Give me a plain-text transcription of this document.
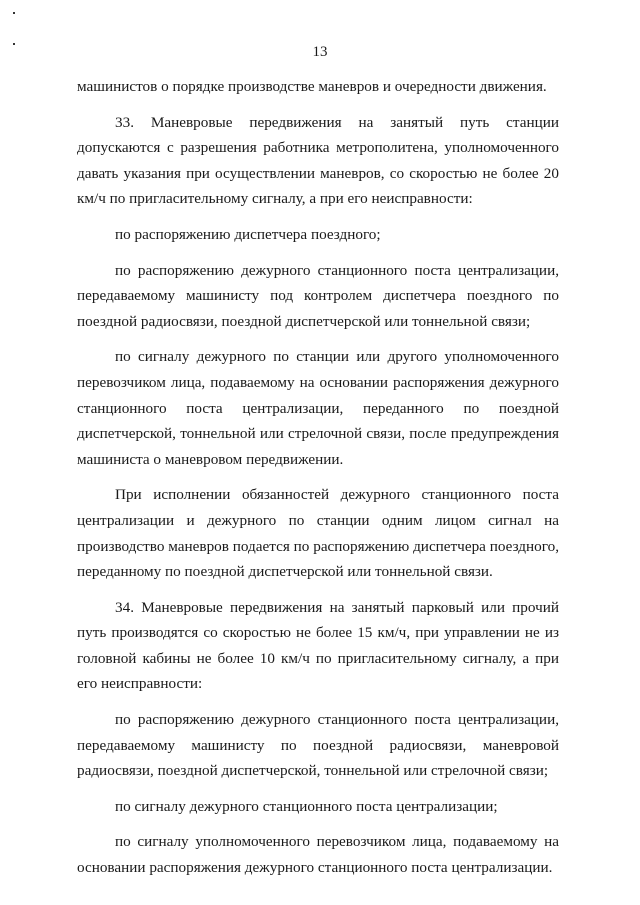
13

машинистов о порядке производстве маневров и очередности движения.

33. Маневровые передвижения на занятый путь станции допускаются с разрешения работника метрополитена, уполномоченного давать указания при осуществлении маневров, со скоростью не более 20 км/ч по пригласительному сигналу, а при его неисправности:

по распоряжению диспетчера поездного;

по распоряжению дежурного станционного поста централизации, передаваемому машинисту под контролем диспетчера поездного по поездной радиосвязи, поездной диспетчерской или тоннельной связи;

по сигналу дежурного по станции или другого уполномоченного перевозчиком лица, подаваемому на основании распоряжения дежурного станционного поста централизации, переданного по поездной диспетчерской, тоннельной или стрелочной связи, после предупреждения машиниста о маневровом передвижении.

При исполнении обязанностей дежурного станционного поста централизации и дежурного по станции одним лицом сигнал на производство маневров подается по распоряжению диспетчера поездного, переданному по поездной диспетчерской или тоннельной связи.

34. Маневровые передвижения на занятый парковый или прочий путь производятся со скоростью не более 15 км/ч, при управлении не из головной кабины не более 10 км/ч по пригласительному сигналу, а при его неисправности:

по распоряжению дежурного станционного поста централизации, передаваемому машинисту по поездной радиосвязи, маневровой радиосвязи, поездной диспетчерской, тоннельной или стрелочной связи;

по сигналу дежурного станционного поста централизации;

по сигналу уполномоченного перевозчиком лица, подаваемому на основании распоряжения дежурного станционного поста централизации.
